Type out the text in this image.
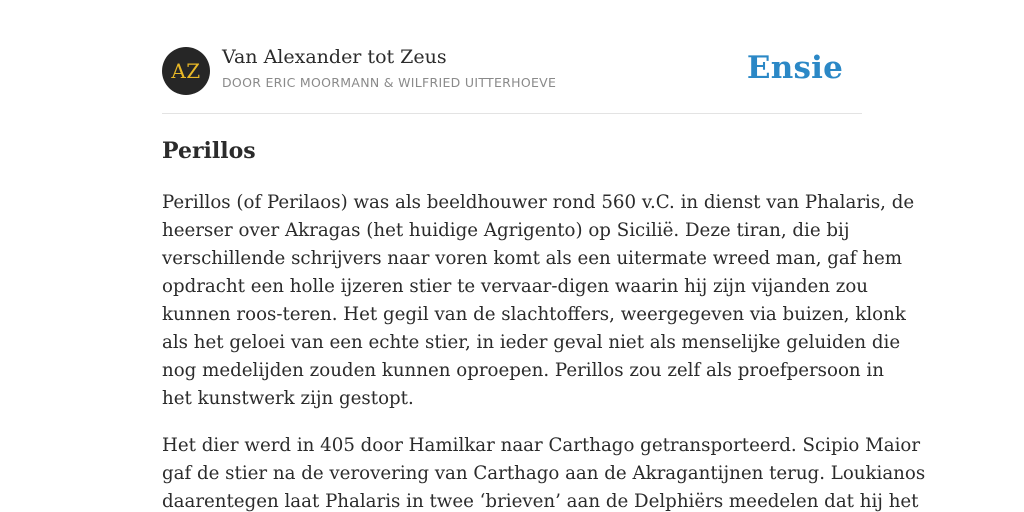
AZ
Van Alexander tot Zeus
DOOR ERIC MOORMANN & WILFRIED UITTERHOEVE	Ensie
Perillos

Perillos (of Perilaos) was als beeldhouwer rond 560 v.C. in dienst van Phalaris, de
heerser over Akragas (het huidige Agrigento) op Sicilië. Deze tiran, die bij
verschillende schrijvers naar voren komt als een uitermate wreed man, gaf hem
opdracht een holle ijzeren stier te vervaar-digen waarin hij zijn vijanden zou
kunnen roos-teren. Het gegil van de slachtoffers, weergegeven via buizen, klonk
als het geloei van een echte stier, in ieder geval niet als menselijke geluiden die
nog medelijden zouden kunnen oproepen. Perillos zou zelf als proefpersoon in
het kunstwerk zijn gestopt.

Het dier werd in 405 door Hamilkar naar Carthago getransporteerd. Scipio Maior
gaf de stier na de verovering van Carthago aan de Akragantijnen terug. Loukianos
daarentegen laat Phalaris in twee ‘brieven’ aan de Delphiërs meedelen dat hij het
